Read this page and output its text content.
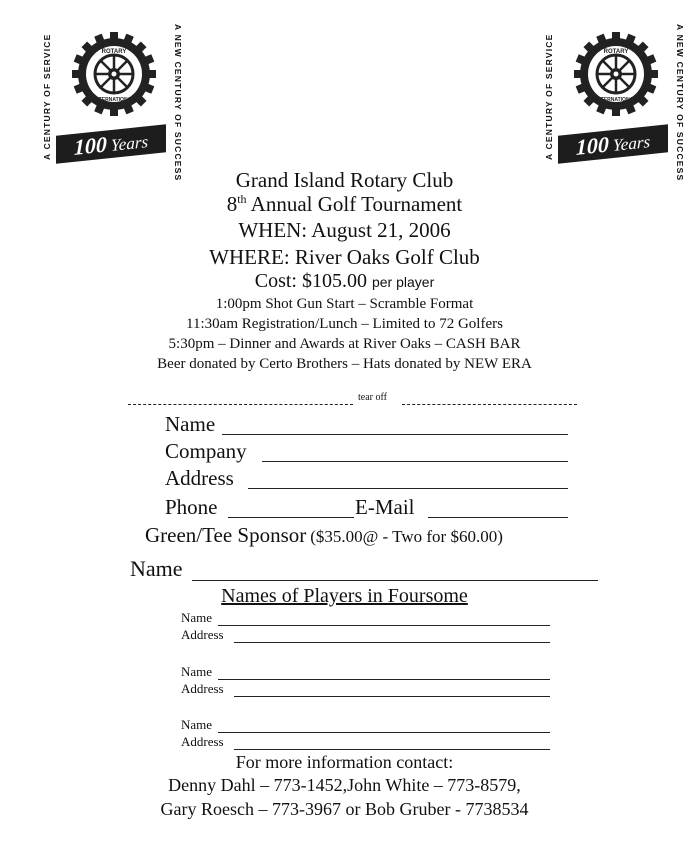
A CENTURY OF SERVICE	A NEW CENTURY OF SUCCESS
ROTARY
INTERNATIONAL
100 Years	A CENTURY OF SERVICE	A NEW CENTURY OF SUCCESS
ROTARY
INTERNATIONAL
100 Years
Grand Island Rotary Club
8th Annual Golf Tournament
WHEN: August 21, 2006
WHERE: River Oaks Golf Club
Cost: $105.00 per player
1:00pm Shot Gun Start – Scramble Format
11:30am Registration/Lunch – Limited to 72 Golfers
5:30pm – Dinner and Awards at River Oaks – CASH BAR
Beer donated by Certo Brothers – Hats donated by NEW ERA
tear off
Name
Company
Address
Phone	E-Mail
Green/Tee Sponsor ($35.00@ - Two for $60.00)
Name
Names of Players in Foursome
Name
Address
Name
Address
Name
Address
For more information contact:
Denny Dahl – 773-1452,John White – 773-8579,
Gary Roesch – 773-3967 or Bob Gruber - 7738534
